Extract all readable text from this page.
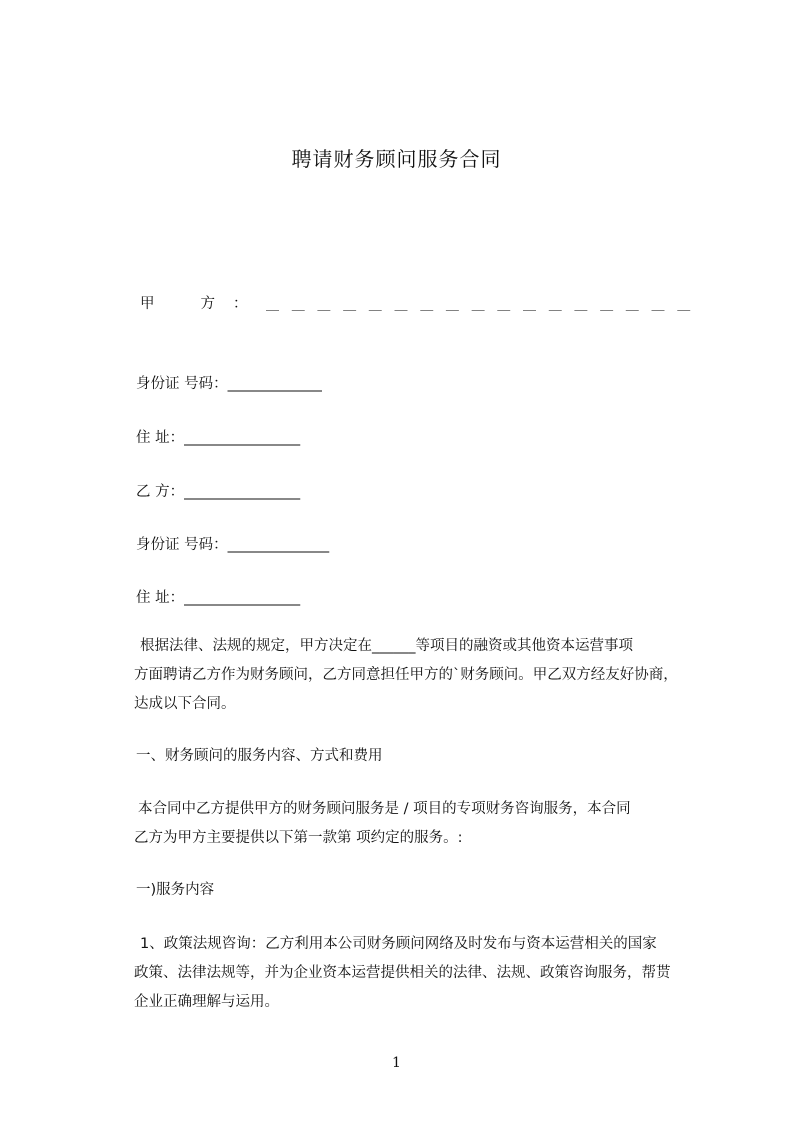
聘请财务顾问服务合同
甲	方 ： ＿＿＿＿＿＿＿＿＿＿＿＿＿＿＿＿＿
身份证 号码：_____________
住 址：________________
乙 方：________________
身份证 号码：______________
住 址：________________
根据法律、法规的规定，甲方决定在______等项目的融资或其他资本运营事项
方面聘请乙方作为财务顾问，乙方同意担任甲方的`财务顾问。甲乙双方经友好协商，
达成以下合同。
一、财务顾问的服务内容、方式和费用
本合同中乙方提供甲方的财务顾问服务是 / 项目的专项财务咨询服务，本合同
乙方为甲方主要提供以下第一款第 项约定的服务。:
一)服务内容
1、政策法规咨询：乙方利用本公司财务顾问网络及时发布与资本运营相关的国家
政策、法律法规等，并为企业资本运营提供相关的法律、法规、政策咨询服务，帮贳
企业正确理解与运用。
1
